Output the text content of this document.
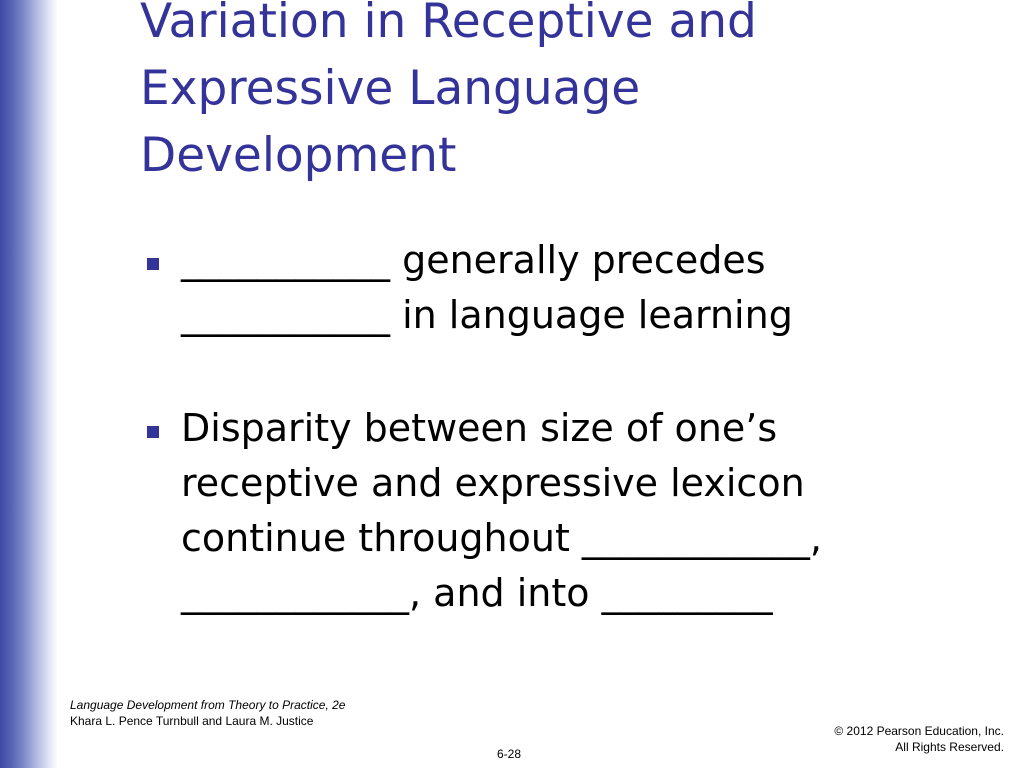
Variation in Receptive and
Expressive Language
Development
___________ generally precedes
___________ in language learning
Disparity between size of one’s
receptive and expressive lexicon
continue throughout ____________,
____________, and into _________
Language Development from Theory to Practice, 2e
Khara L. Pence Turnbull and Laura M. Justice
© 2012 Pearson Education, Inc.
All Rights Reserved.
6-28
